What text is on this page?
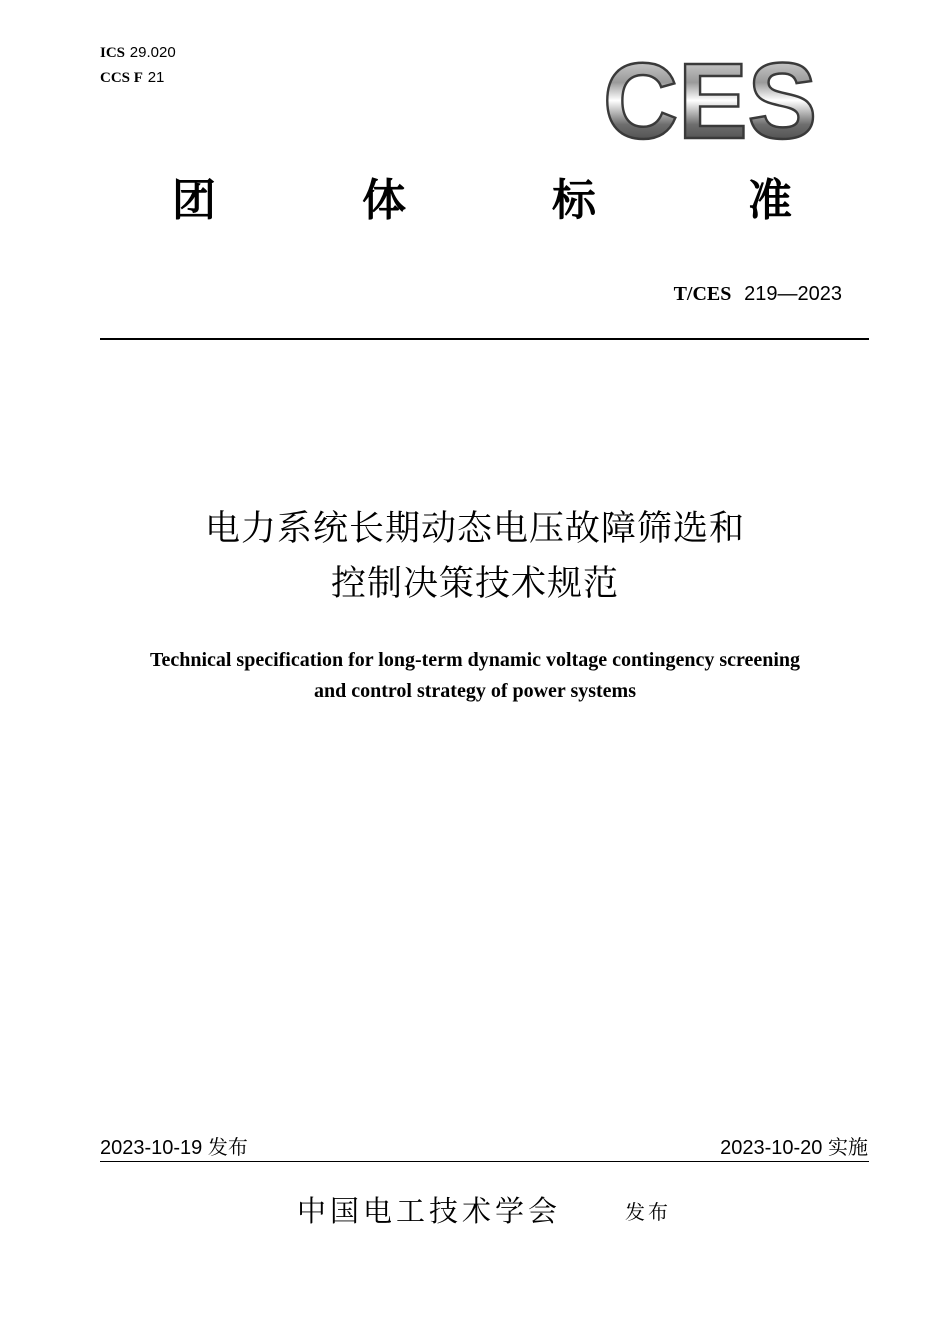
ICS 29.020
CCS F 21	CES
团	体	标	准
T/CES 219—2023
电力系统长期动态电压故障筛选和
控制决策技术规范
Technical specification for long-term dynamic voltage contingency screening
and control strategy of power systems
2023-10-19 发布	2023-10-20 实施
中国电工技术学会	发布
